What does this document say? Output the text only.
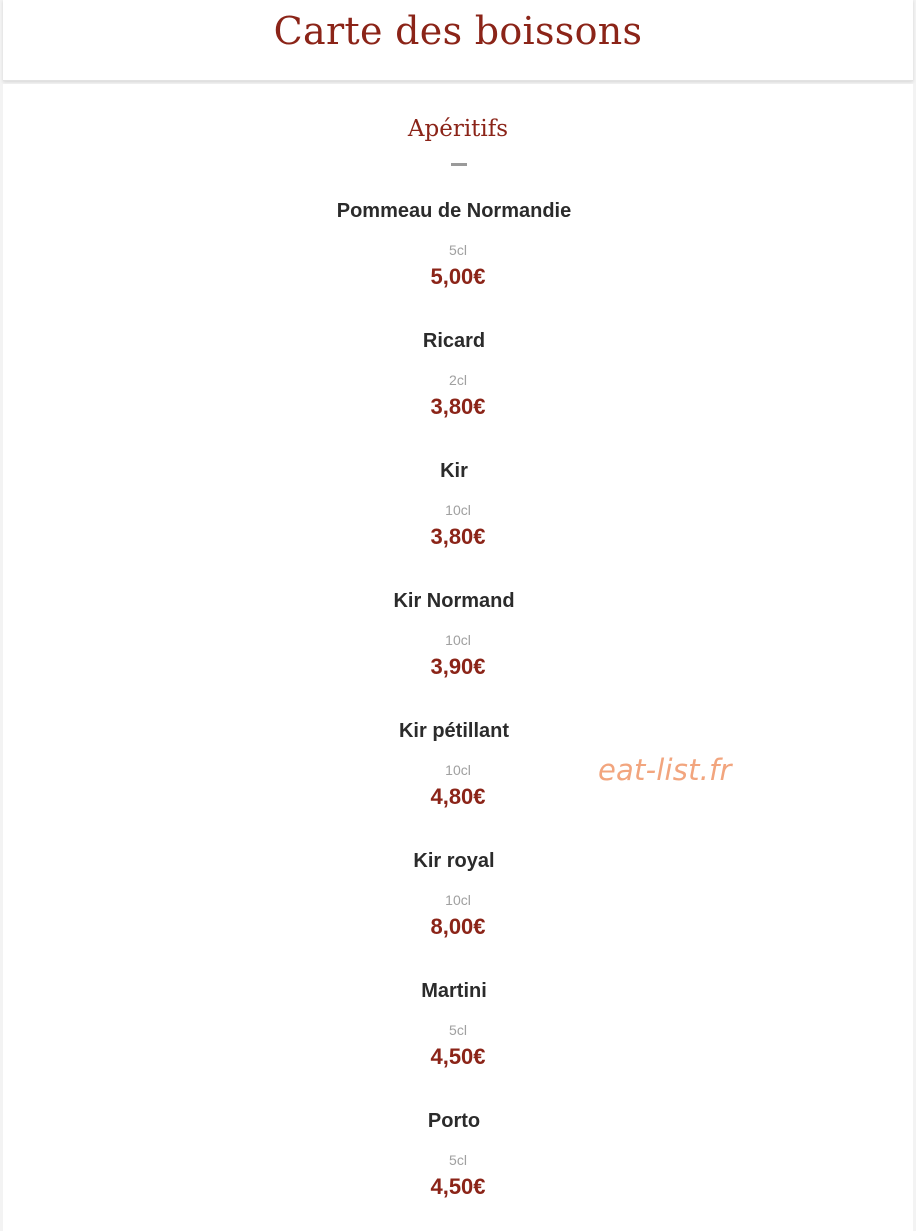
Carte des boissons
Apéritifs
Pommeau de Normandie
5cl
5,00€
Ricard
2cl
3,80€
Kir
10cl
3,80€
Kir Normand
10cl
3,90€
Kir pétillant
10cl
4,80€
Kir royal
10cl
8,00€
Martini
5cl
4,50€
Porto
5cl
4,50€
eat-list.fr
